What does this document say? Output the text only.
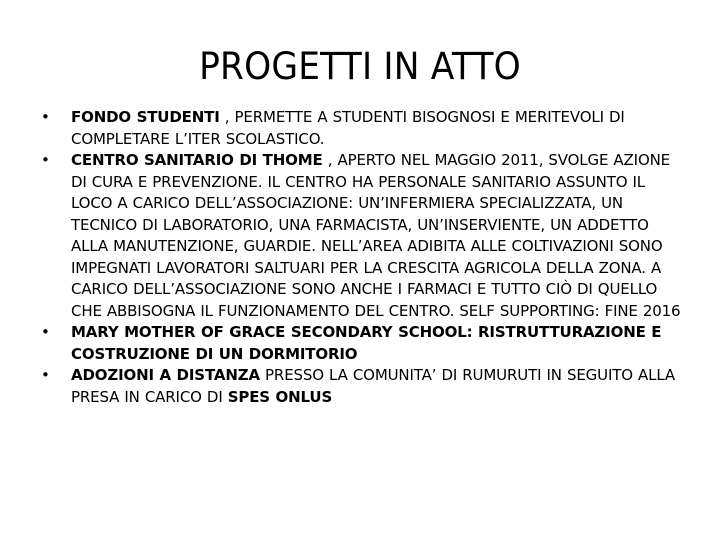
PROGETTI IN ATTO
•	FONDO STUDENTI , PERMETTE A STUDENTI BISOGNOSI E MERITEVOLI DI COMPLETARE L’ITER SCOLASTICO.
•	CENTRO SANITARIO DI THOME , APERTO NEL MAGGIO 2011, SVOLGE AZIONE DI CURA E PREVENZIONE. IL CENTRO HA PERSONALE SANITARIO ASSUNTO IL LOCO A CARICO DELL’ASSOCIAZIONE: UN’INFERMIERA SPECIALIZZATA, UN TECNICO DI LABORATORIO, UNA FARMACISTA, UN’INSERVIENTE, UN ADDETTO ALLA MANUTENZIONE, GUARDIE. NELL’AREA ADIBITA ALLE COLTIVAZIONI SONO IMPEGNATI LAVORATORI SALTUARI PER LA CRESCITA AGRICOLA DELLA ZONA. A CARICO DELL’ASSOCIAZIONE SONO ANCHE I FARMACI E TUTTO CIÒ DI QUELLO CHE ABBISOGNA IL FUNZIONAMENTO DEL CENTRO. SELF SUPPORTING: FINE 2016
•	MARY MOTHER OF GRACE SECONDARY SCHOOL: RISTRUTTURAZIONE E COSTRUZIONE DI UN DORMITORIO
•	ADOZIONI A DISTANZA PRESSO LA COMUNITA’ DI RUMURUTI IN SEGUITO ALLA PRESA IN CARICO DI SPES ONLUS
